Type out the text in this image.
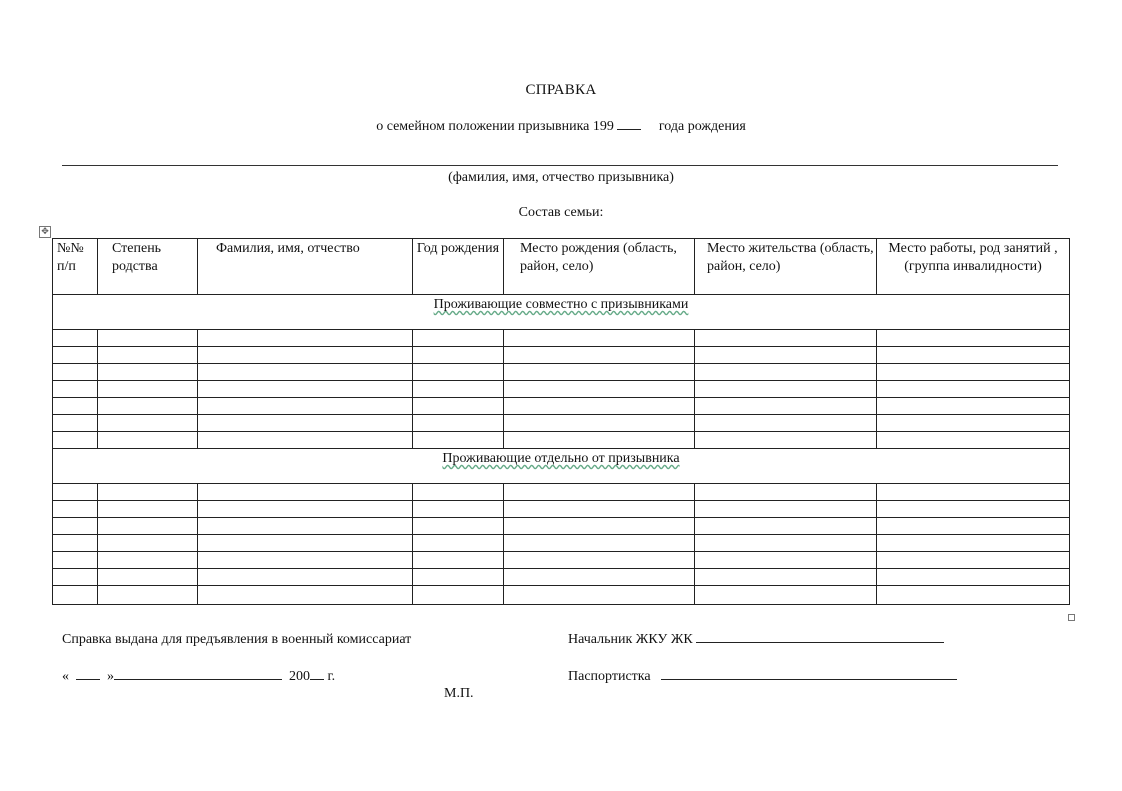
СПРАВКА
о семейном положении призывника 199	года рождения
(фамилия, имя, отчество призывника)
Состав семьи:
✥
№№ п/п	Степень родства	Фамилия, имя, отчество	Год рождения	Место рождения (область, район, село)	Место жительства (область, район, село)	Место работы, род занятий , (группа инвалидности)
Проживающие совместно с призывниками						

Проживающие отдельно от призывника						

Справка выдана для предъявления в военный комиссариат
«	»	200 г.
М.П.
Начальник ЖКУ ЖК
Паспортистка
